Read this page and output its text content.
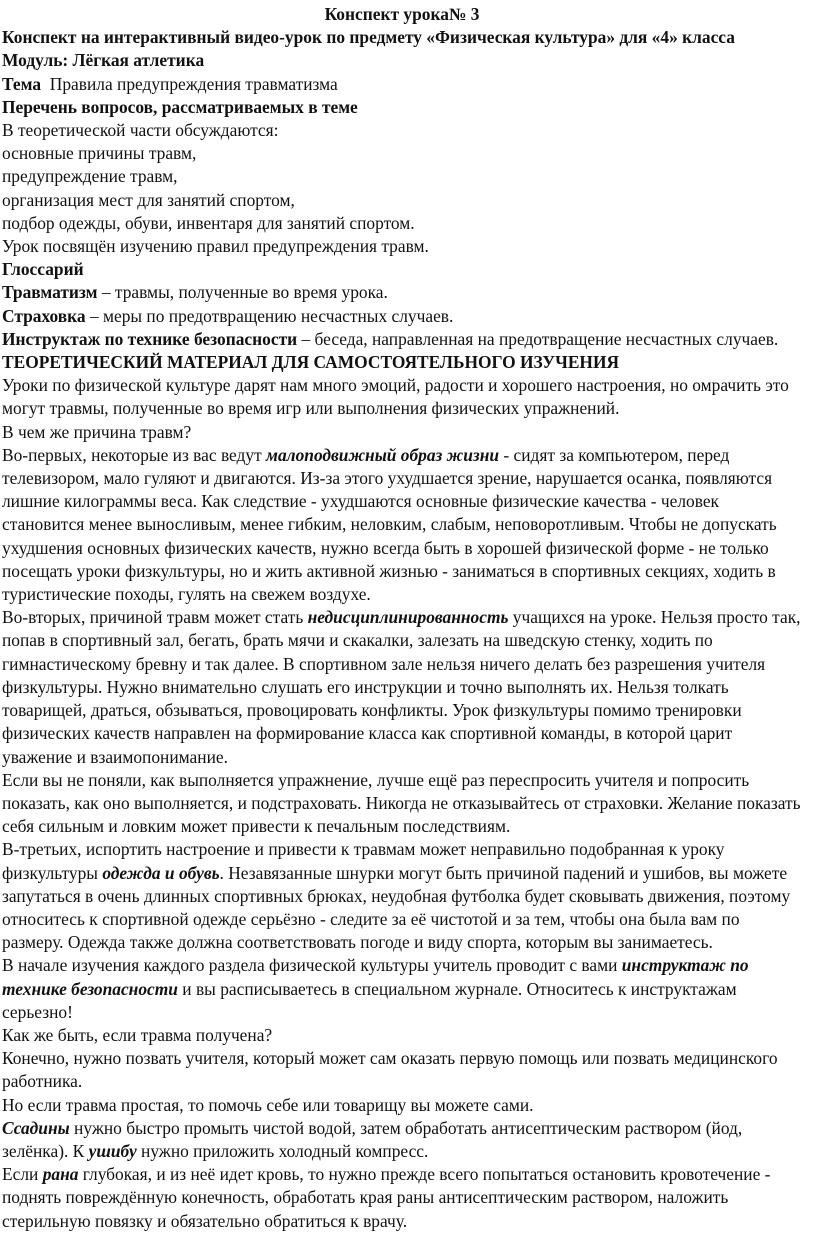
Конспект урока№ 3

Конспект на интерактивный видео-урок по предмету «Физическая культура» для «4» класса

Модуль: Лёгкая атлетика

Тема  Правила предупреждения травматизма

Перечень вопросов, рассматриваемых в теме

В теоретической части обсуждаются:

основные причины травм,

предупреждение травм,

организация мест для занятий спортом,

подбор одежды, обуви, инвентаря для занятий спортом.

Урок посвящён изучению правил предупреждения травм.

Глоссарий

Травматизм – травмы, полученные во время урока.

Страховка – меры по предотвращению несчастных случаев.

Инструктаж по технике безопасности – беседа, направленная на предотвращение несчастных случаев.

ТЕОРЕТИЧЕСКИЙ МАТЕРИАЛ ДЛЯ САМОСТОЯТЕЛЬНОГО ИЗУЧЕНИЯ

Уроки по физической культуре дарят нам много эмоций, радости и хорошего настроения, но омрачить это могут травмы, полученные во время игр или выполнения физических упражнений.

В чем же причина травм?

Во-первых, некоторые из вас ведут малоподвижный образ жизни - сидят за компьютером, перед телевизором, мало гуляют и двигаются. Из-за этого ухудшается зрение, нарушается осанка, появляются лишние килограммы веса. Как следствие - ухудшаются основные физические качества - человек становится менее выносливым, менее гибким, неловким, слабым, неповоротливым. Чтобы не допускать ухудшения основных физических качеств, нужно всегда быть в хорошей физической форме - не только посещать уроки физкультуры, но и жить активной жизнью - заниматься в спортивных секциях, ходить в туристические походы, гулять на свежем воздухе.

Во-вторых, причиной травм может стать недисциплинированность учащихся на уроке. Нельзя просто так, попав в спортивный зал, бегать, брать мячи и скакалки, залезать на шведскую стенку, ходить по гимнастическому бревну и так далее. В спортивном зале нельзя ничего делать без разрешения учителя физкультуры. Нужно внимательно слушать его инструкции и точно выполнять их. Нельзя толкать товарищей, драться, обзываться, провоцировать конфликты. Урок физкультуры помимо тренировки физических качеств направлен на формирование класса как спортивной команды, в которой царит уважение и взаимопонимание.

Если вы не поняли, как выполняется упражнение, лучше ещё раз переспросить учителя и попросить показать, как оно выполняется, и подстраховать. Никогда не отказывайтесь от страховки. Желание показать себя сильным и ловким может привести к печальным последствиям.

В-третьих, испортить настроение и привести к травмам может неправильно подобранная к уроку физкультуры одежда и обувь. Незавязанные шнурки могут быть причиной падений и ушибов, вы можете запутаться в очень длинных спортивных брюках, неудобная футболка будет сковывать движения, поэтому относитесь к спортивной одежде серьёзно - следите за её чистотой и за тем, чтобы она была вам по размеру. Одежда также должна соответствовать погоде и виду спорта, которым вы занимаетесь.

В начале изучения каждого раздела физической культуры учитель проводит с вами инструктаж по технике безопасности и вы расписываетесь в специальном журнале. Относитесь к инструктажам серьезно!

Как же быть, если травма получена?

Конечно, нужно позвать учителя, который может сам оказать первую помощь или позвать медицинского работника.

Но если травма простая, то помочь себе или товарищу вы можете сами.

Ссадины нужно быстро промыть чистой водой, затем обработать антисептическим раствором (йод, зелёнка). К ушибу нужно приложить холодный компресс.

Если рана глубокая, и из неё идет кровь, то нужно прежде всего попытаться остановить кровотечение - поднять повреждённую конечность, обработать края раны антисептическим раствором, наложить стерильную повязку и обязательно обратиться к врачу.
